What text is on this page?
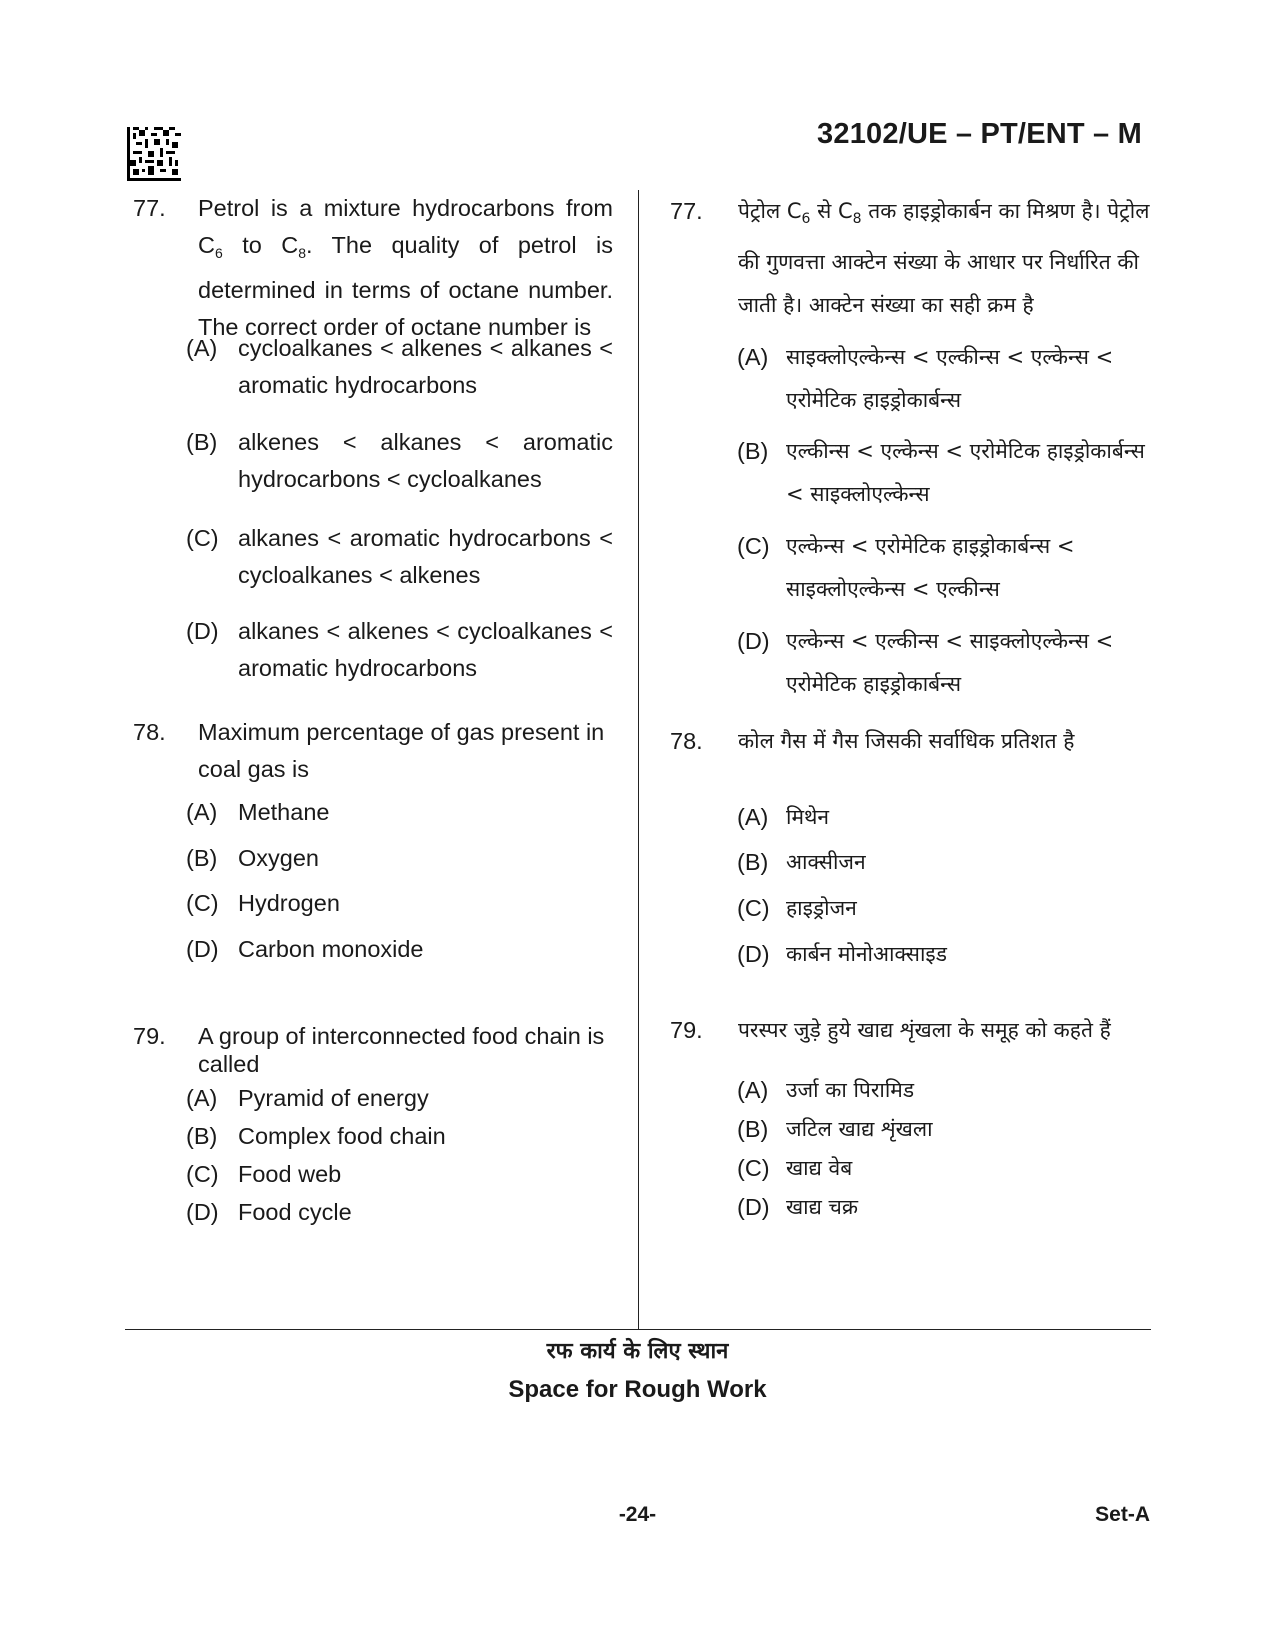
32102/UE – PT/ENT – M
77. Petrol is a mixture hydrocarbons from $C_6$ to $C_8$. The quality of petrol is determined in terms of octane number. The correct order of octane number is
(A) cycloalkanes < alkenes < alkanes < aromatic hydrocarbons
(B) alkenes < alkanes < aromatic hydrocarbons < cycloalkanes
(C) alkanes < aromatic hydrocarbons < cycloalkanes < alkenes
(D) alkanes < alkenes < cycloalkanes < aromatic hydrocarbons
78. Maximum percentage of gas present in coal gas is
(A) Methane
(B) Oxygen
(C) Hydrogen
(D) Carbon monoxide
79. A group of interconnected food chain is called
(A) Pyramid of energy
(B) Complex food chain
(C) Food web
(D) Food cycle
77. पेट्रोल $C_6$ से $C_8$ तक हाइड्रोकार्बन का मिश्रण है। पेट्रोल की गुणवत्ता आक्टेन संख्या के आधार पर निर्धारित की जाती है। आक्टेन संख्या का सही क्रम है
(A) साइक्लोएल्केन्स < एल्कीन्स < एल्केन्स < एरोमेटिक हाइड्रोकार्बन्स
(B) एल्कीन्स < एल्केन्स < एरोमेटिक हाइड्रोकार्बन्स < साइक्लोएल्केन्स
(C) एल्केन्स < एरोमेटिक हाइड्रोकार्बन्स < साइक्लोएल्केन्स < एल्कीन्स
(D) एल्केन्स < एल्कीन्स < साइक्लोएल्केन्स < एरोमेटिक हाइड्रोकार्बन्स
78. कोल गैस में गैस जिसकी सर्वाधिक प्रतिशत है
(A) मिथेन
(B) आक्सीजन
(C) हाइड्रोजन
(D) कार्बन मोनोआक्साइड
79. परस्पर जुड़े हुये खाद्य शृंखला के समूह को कहते हैं
(A) उर्जा का पिरामिड
(B) जटिल खाद्य शृंखला
(C) खाद्य वेब
(D) खाद्य चक्र
रफ कार्य के लिए स्थान
Space for Rough Work
-24-	Set-A
